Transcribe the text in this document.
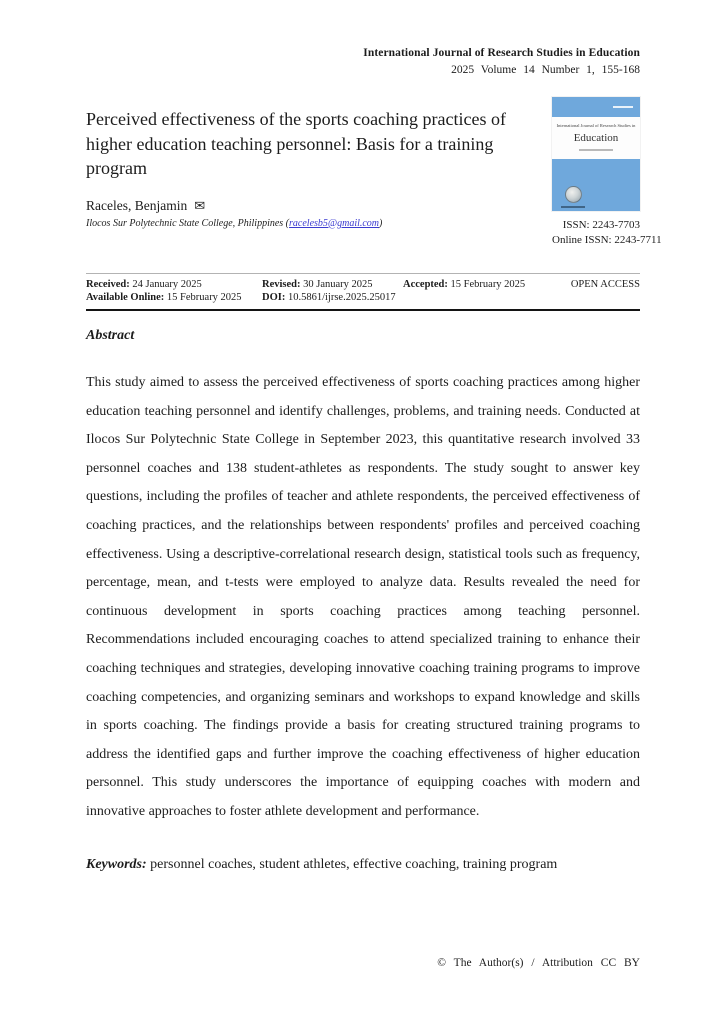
International Journal of Research Studies in Education
2025 Volume 14 Number 1, 155-168
Perceived effectiveness of the sports coaching practices of higher education teaching personnel: Basis for a training program
Raceles, Benjamin ✉
Ilocos Sur Polytechnic State College, Philippines (racelesb5@gmail.com)
International Journal of Research Studies in
Education
ISSN: 2243-7703
Online ISSN: 2243-7711
Received: 24 January 2025
Available Online: 15 February 2025
Revised: 30 January 2025
DOI: 10.5861/ijrse.2025.25017
Accepted: 15 February 2025	OPEN ACCESS
Abstract

This study aimed to assess the perceived effectiveness of sports coaching practices among higher education teaching personnel and identify challenges, problems, and training needs. Conducted at Ilocos Sur Polytechnic State College in September 2023, this quantitative research involved 33 personnel coaches and 138 student-athletes as respondents. The study sought to answer key questions, including the profiles of teacher and athlete respondents, the perceived effectiveness of coaching practices, and the relationships between respondents' profiles and perceived coaching effectiveness. Using a descriptive-correlational research design, statistical tools such as frequency, percentage, mean, and t-tests were employed to analyze data. Results revealed the need for continuous development in sports coaching practices among teaching personnel. Recommendations included encouraging coaches to attend specialized training to enhance their coaching techniques and strategies, developing innovative coaching training programs to improve coaching competencies, and organizing seminars and workshops to expand knowledge and skills in sports coaching. The findings provide a basis for creating structured training programs to address the identified gaps and further improve the coaching effectiveness of higher education personnel. This study underscores the importance of equipping coaches with modern and innovative approaches to foster athlete development and performance.

Keywords: personnel coaches, student athletes, effective coaching, training program

© The Author(s) / Attribution CC BY
